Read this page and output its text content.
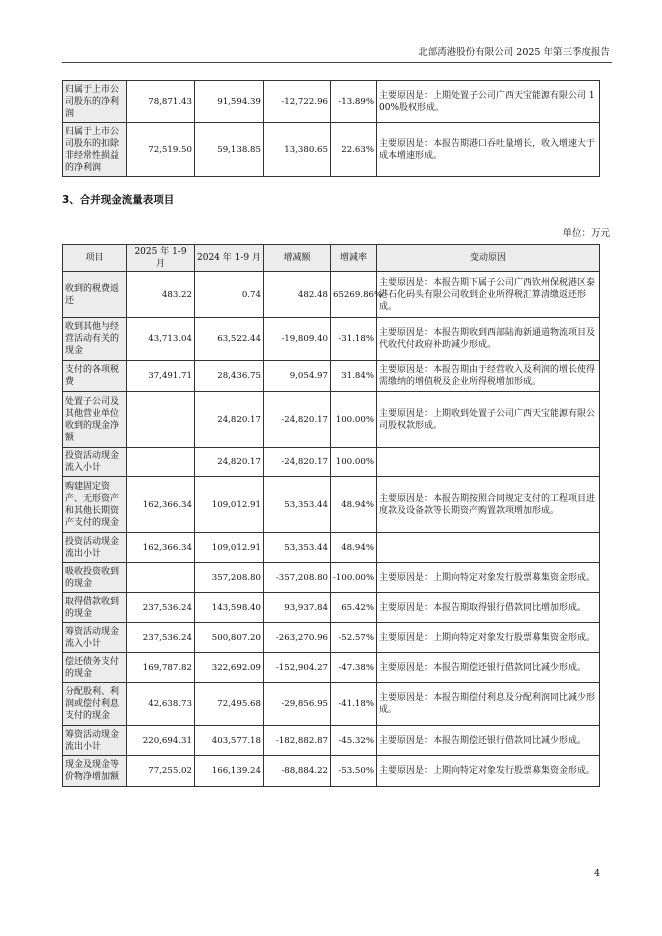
北部湾港股份有限公司 2025 年第三季度报告
归属于上市公司股东的净利润	78,871.43	91,594.39	-12,722.96	-13.89%	主要原因是：上期处置子公司广西天宝能源有限公司 100%股权形成。
归属于上市公司股东的扣除非经常性损益的净利润	72,519.50	59,138.85	13,380.65	22.63%	主要原因是：本报告期港口吞吐量增长，收入增速大于成本增速形成。
3、合并现金流量表项目
单位：万元
项目	2025 年 1-9 月	2024 年 1-9 月	增减额	增减率	变动原因
收到的税费返还	483.22	0.74	482.48	65269.86%	主要原因是：本报告期下属子公司广西钦州保税港区泰港石化码头有限公司收到企业所得税汇算清缴返还形成。
收到其他与经营活动有关的现金	43,713.04	63,522.44	-19,809.40	-31.18%	主要原因是：本报告期收到西部陆海新通道物流项目及代收代付政府补助减少形成。
支付的各项税费	37,491.71	28,436.75	9,054.97	31.84%	主要原因是：本报告期由于经营收入及利润的增长使得需缴纳的增值税及企业所得税增加形成。
处置子公司及其他营业单位收到的现金净额		24,820.17	-24,820.17	100.00%	主要原因是：上期收到处置子公司广西天宝能源有限公司股权款形成。
投资活动现金流入小计		24,820.17	-24,820.17	100.00%	
购建固定资产、无形资产和其他长期资产支付的现金	162,366.34	109,012.91	53,353.44	48.94%	主要原因是：本报告期按照合同规定支付的工程项目进度款及设备款等长期资产购置款项增加形成。
投资活动现金流出小计	162,366.34	109,012.91	53,353.44	48.94%	
吸收投资收到的现金		357,208.80	-357,208.80	-100.00%	主要原因是：上期向特定对象发行股票募集资金形成。
取得借款收到的现金	237,536.24	143,598.40	93,937.84	65.42%	主要原因是：本报告期取得银行借款同比增加形成。
筹资活动现金流入小计	237,536.24	500,807.20	-263,270.96	-52.57%	主要原因是：上期向特定对象发行股票募集资金形成。
偿还债务支付的现金	169,787.82	322,692.09	-152,904.27	-47.38%	主要原因是：本报告期偿还银行借款同比减少形成。
分配股利、利润或偿付利息支付的现金	42,638.73	72,495.68	-29,856.95	-41.18%	主要原因是：本报告期偿付利息及分配利润同比减少形成。
筹资活动现金流出小计	220,694.31	403,577.18	-182,882.87	-45.32%	主要原因是：本报告期偿还银行借款同比减少形成。
现金及现金等价物净增加额	77,255.02	166,139.24	-88,884.22	-53.50%	主要原因是：上期向特定对象发行股票募集资金形成。
4
